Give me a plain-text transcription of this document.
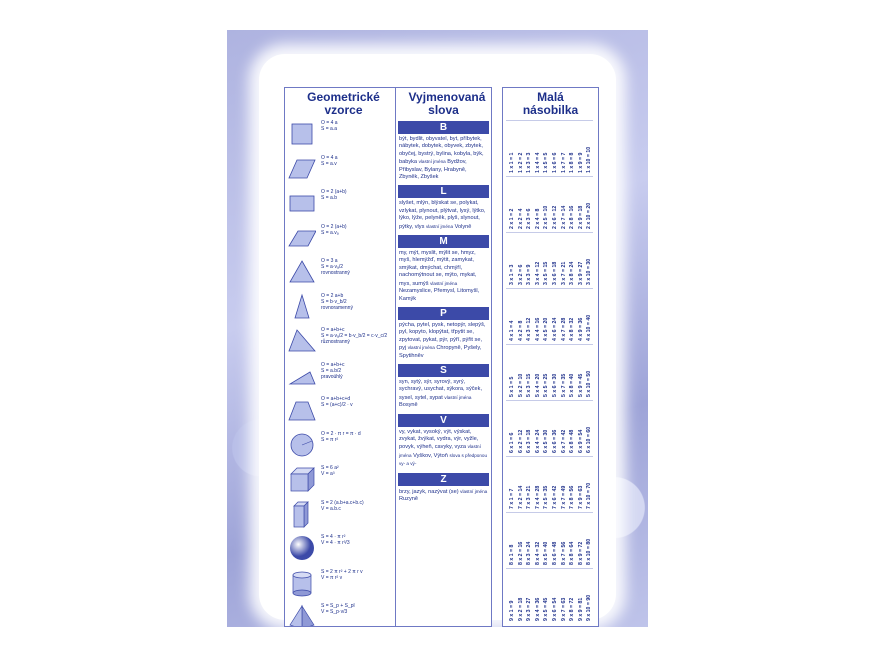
Geometrické vzorce
O = 4 a
S = a.a
O = 4 a
S = a.v
O = 2 (a+b)
S = a.b
O = 2 (a+b)
S = a.vₐ
O = 3 a
S = a·vₐ/2
rovnostranný
O = 2 a+b
S = b·v_b/2
rovnoramenný
O = a+b+c
S = a·vₐ/2 = b·v_b/2 = c·v_c/2
různostranný
O = a+b+c
S = a.b/2
pravoúhlý
O = a+b+c+d
S = (a+c)/2 · v
O = 2 · π r = π · d
S = π r²
S = 6 a²
V = a³
S = 2 (a.b+a.c+b.c)
V = a.b.c
S = 4 · π r²
V = 4 · π r³/3
S = 2 π r² + 2 π r v
V = π r² v
S = S_p + S_pl
V = S_p·v/3
Vyjmenovaná slova
B
být, bydlit, obyvatel, byt, příbytek, nábytek, dobytek, obyvek, zbytek, obyčej, bystrý, bylina, kobyla, býk, babyka vlastní jména Bydžov, Přibyslav, Bylany, Hrabyně, Zbyněk, Zbyšek
L
slyšet, mlýn, blýskat se, polykat, vzlykat, plynout, plýtvat, lysý, lýtko, lýko, lýže, pelyněk, plyš, slynout, pýtky, vlys vlastní jména Volyně
M
my, mýt, myslit, mýlit se, hmyz, myš, hlemýžď, mýtit, zamykat, smýkat, dmýchat, chmýří, nachomýtnout se, mýto, mykat, mys, sumýš vlastní jména Nezamyslice, Přemysl, Litomyšl, Kamýk
P
pýcha, pytel, pysk, netopýr, slepýš, pyl, kopyto, klopýtat, třpytit se, zpytovat, pykat, pýr, pýří, pýřit se, pyj vlastní jména Chropyně, Pyšely, Spytihněv
S
syn, sytý, sýr, syrový, syrý, sychravý, usychat, sýkora, sýček, sysel, sytel, sypat vlastní jména Bosyně
V
vy, vykat, vysoký, výt, výskat, zvykat, žvýkat, vydra, výr, vyžle, povyk, výheň, cavyky, vyza vlastní jména Vyškov, Výtoň slova s předponou vy- a vý-
Z
brzy, jazyk, nazývat (se) vlastní jména Ruzyně
Malá násobilka
1 x 1 = 1 1 x 2 = 2 1 x 3 = 3 1 x 4 = 4 1 x 5 = 5 1 x 6 = 6 1 x 7 = 7 1 x 8 = 8 1 x 9 = 9 1 x 10 = 10
2 x 1 = 2 2 x 2 = 4 2 x 3 = 6 2 x 4 = 8 2 x 5 = 10 2 x 6 = 12 2 x 7 = 14 2 x 8 = 16 2 x 9 = 18 2 x 10 = 20
3 x 1 = 3 3 x 2 = 6 3 x 3 = 9 3 x 4 = 12 3 x 5 = 15 3 x 6 = 18 3 x 7 = 21 3 x 8 = 24 3 x 9 = 27 3 x 10 = 30
4 x 1 = 4 4 x 2 = 8 4 x 3 = 12 4 x 4 = 16 4 x 5 = 20 4 x 6 = 24 4 x 7 = 28 4 x 8 = 32 4 x 9 = 36 4 x 10 = 40
5 x 1 = 5 5 x 2 = 10 5 x 3 = 15 5 x 4 = 20 5 x 5 = 25 5 x 6 = 30 5 x 7 = 35 5 x 8 = 40 5 x 9 = 45 5 x 10 = 50
6 x 1 = 6 6 x 2 = 12 6 x 3 = 18 6 x 4 = 24 6 x 5 = 30 6 x 6 = 36 6 x 7 = 42 6 x 8 = 48 6 x 9 = 54 6 x 10 = 60
7 x 1 = 7 7 x 2 = 14 7 x 3 = 21 7 x 4 = 28 7 x 5 = 35 7 x 6 = 42 7 x 7 = 49 7 x 8 = 56 7 x 9 = 63 7 x 10 = 70
8 x 1 = 8 8 x 2 = 16 8 x 3 = 24 8 x 4 = 32 8 x 5 = 40 8 x 6 = 48 8 x 7 = 56 8 x 8 = 64 8 x 9 = 72 8 x 10 = 80
9 x 1 = 9 9 x 2 = 18 9 x 3 = 27 9 x 4 = 36 9 x 5 = 45 9 x 6 = 54 9 x 7 = 63 9 x 8 = 72 9 x 9 = 81 9 x 10 = 90
